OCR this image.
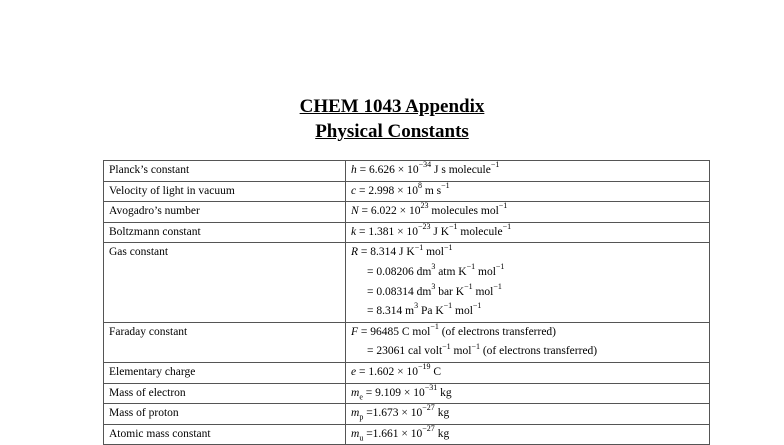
CHEM 1043 Appendix
Physical Constants
Planck’s constant	$h = 6.626 \times 10^{-34}$ J s molecule$^{-1}$

Velocity of light in vacuum	$c = 2.998 \times 10^8$ m $s^{-1}$

Avogadro’s number	$N = 6.022 \times 10^{23}$ molecules mol$^{-1}$

Boltzmann constant	$k = 1.381 \times 10^{-23}$ J $K^{-1}$ molecule$^{-1}$

Gas constant	R = 8.314 J $K^{-1}$ mol$^{-1}$
= 0.08206 $dm^3$ atm $K^{-1}$ mol$^{-1}$
= 0.08314 $dm^3$ bar $K^{-1}$ mol$^{-1}$
= 8.314 $m^3$ Pa $K^{-1}$ mol$^{-1}$

Faraday constant	F = 96485 C mol$^{-1}$ (of electrons transferred)
= 23061 cal volt$^{-1}$ mol$^{-1}$ (of electrons transferred)

Elementary charge	$e = 1.602 \times 10^{-19}$ C

Mass of electron	$m_e = 9.109 \times 10^{-31}$ kg

Mass of proton	$m_p =1.673 \times 10^{-27}$ kg

Atomic mass constant	$m_u =1.661 \times 10^{-27}$ kg
